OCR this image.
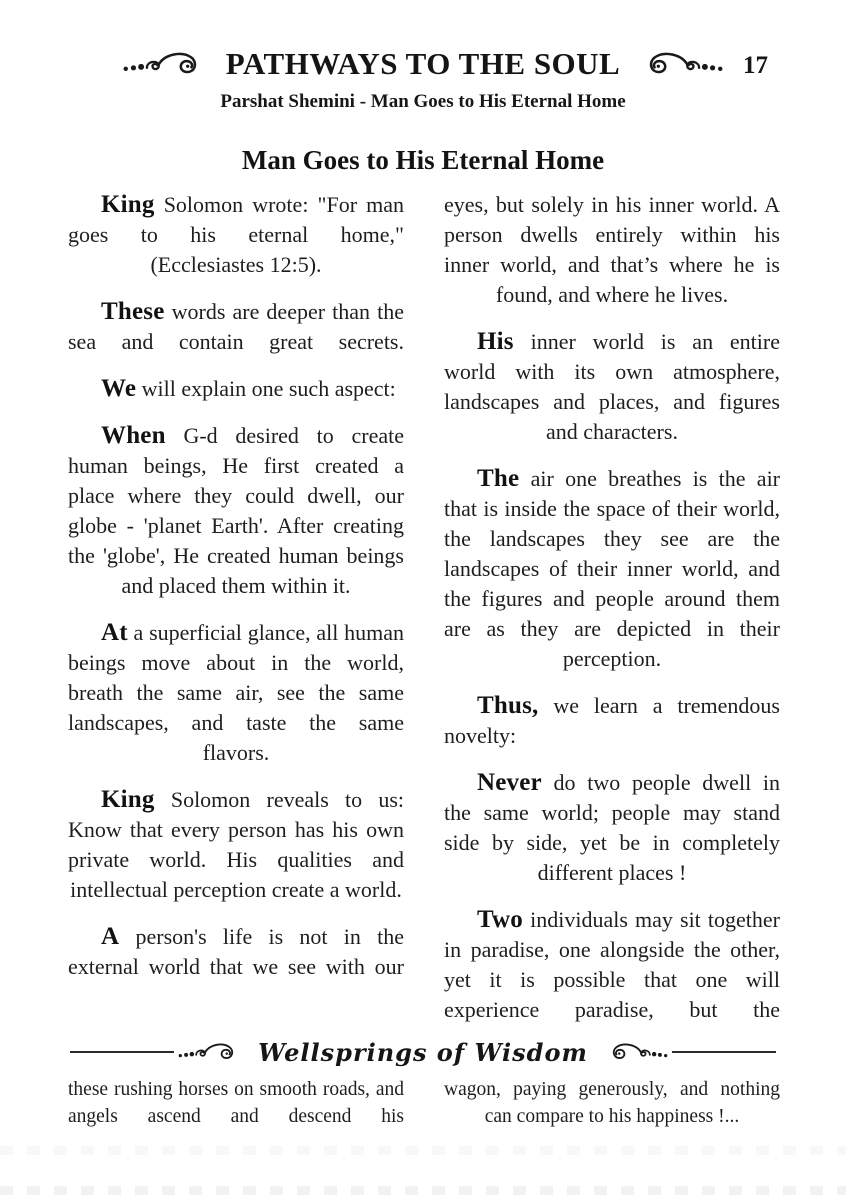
PATHWAYS TO THE SOUL	17
Parshat Shemini - Man Goes to His Eternal Home
Man Goes to His Eternal Home

King Solomon wrote: "For man goes to his eternal home," (Ecclesiastes 12:5).

These words are deeper than the sea and contain great secrets.

We will explain one such aspect:

When G-d desired to create human beings, He first created a place where they could dwell, our globe - 'planet Earth'. After creating the 'globe', He created human beings and placed them within it.

At a superficial glance, all human beings move about in the world, breath the same air, see the same landscapes, and taste the same flavors.

King Solomon reveals to us: Know that every person has his own private world. His qualities and intellectual perception create a world.

A person's life is not in the external world that we see with our

eyes, but solely in his inner world. A person dwells entirely within his inner world, and that’s where he is found, and where he lives.

His inner world is an entire world with its own atmosphere, landscapes and places, and figures and characters.

The air one breathes is the air that is inside the space of their world, the landscapes they see are the landscapes of their inner world, and the figures and people around them are as they are depicted in their perception.

Thus, we learn a tremendous novelty:

Never do two people dwell in the same world; people may stand side by side, yet be in completely different places !

Two individuals may sit together in paradise, one alongside the other, yet it is possible that one will experience paradise, but the

Wellsprings of Wisdom

these rushing horses on smooth roads, and angels ascend and descend his

wagon, paying generously, and nothing can compare to his happiness !...
